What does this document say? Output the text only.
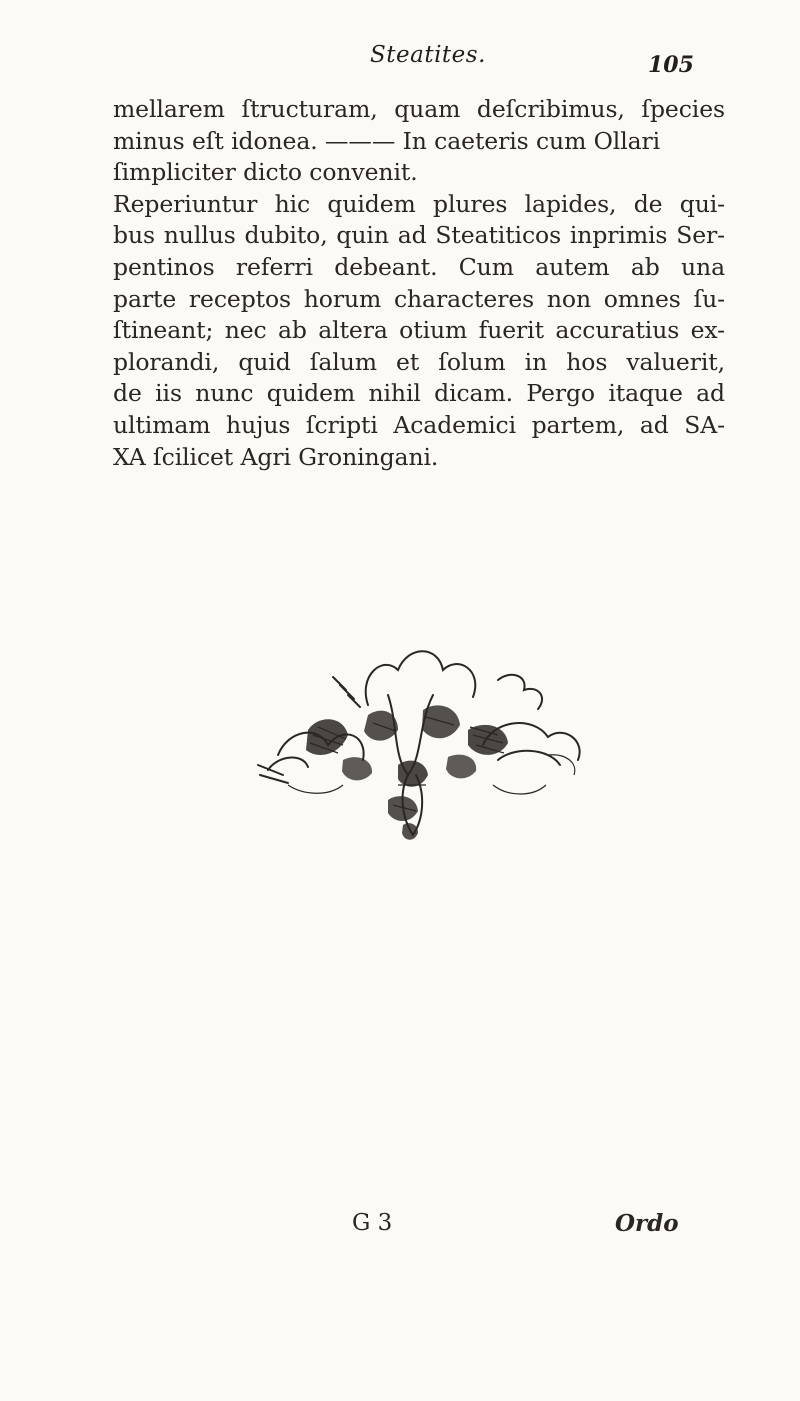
Steatites.	105
mellarem ſtructuram, quam deſcribimus, ſpecies
minus eſt idonea. ——— In caeteris cum Ollari
ſimpliciter dicto convenit.
Reperiuntur hic quidem plures lapides, de qui-
bus nullus dubito, quin ad Steatiticos inprimis Ser-
pentinos referri debeant. Cum autem ab una
parte receptos horum characteres non omnes ſu-
ſtineant; nec ab altera otium fuerit accuratius ex-
plorandi, quid ſalum et ſolum in hos valuerit,
de iis nunc quidem nihil dicam. Pergo itaque ad
ultimam hujus ſcripti Academici partem, ad SA-
XA ſcilicet Agri Groningani.
G 3	Ordo
